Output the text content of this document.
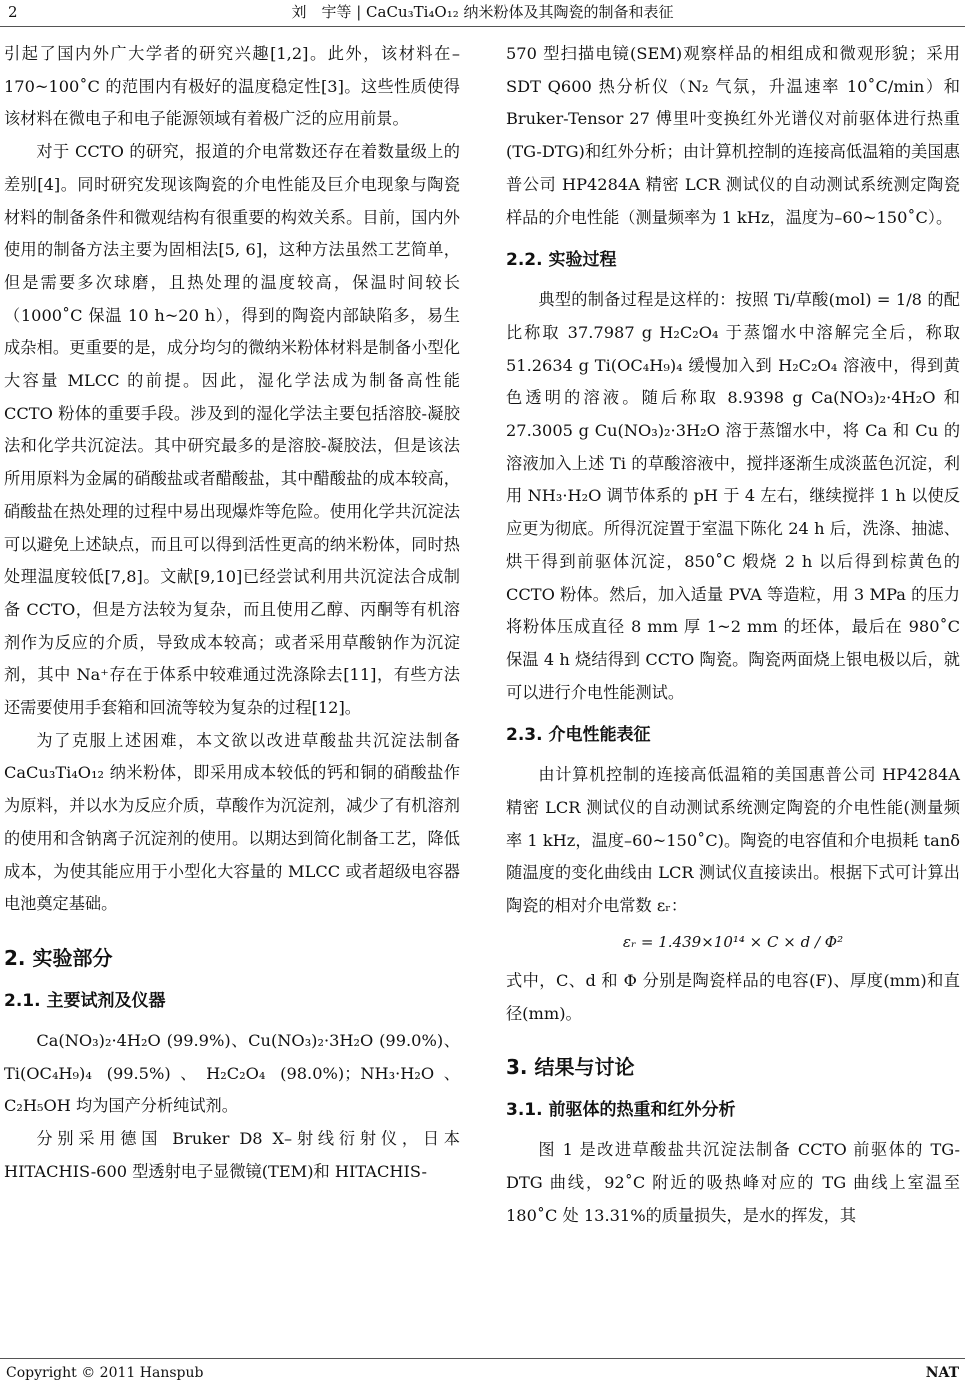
2	刘　宇等 | CaCu₃Ti₄O₁₂ 纳米粉体及其陶瓷的制备和表征

引起了国内外广大学者的研究兴趣[1,2]。此外，该材料在–170~100˚C 的范围内有极好的温度稳定性[3]。这些性质使得该材料在微电子和电子能源领域有着极广泛的应用前景。

对于 CCTO 的研究，报道的介电常数还存在着数量级上的差别[4]。同时研究发现该陶瓷的介电性能及巨介电现象与陶瓷材料的制备条件和微观结构有很重要的构效关系。目前，国内外使用的制备方法主要为固相法[5, 6]，这种方法虽然工艺简单，但是需要多次球磨，且热处理的温度较高，保温时间较长（1000˚C 保温 10 h~20 h），得到的陶瓷内部缺陷多，易生成杂相。更重要的是，成分均匀的微纳米粉体材料是制备小型化大容量 MLCC 的前提。因此，湿化学法成为制备高性能 CCTO 粉体的重要手段。涉及到的湿化学法主要包括溶胶-凝胶法和化学共沉淀法。其中研究最多的是溶胶-凝胶法，但是该法所用原料为金属的硝酸盐或者醋酸盐，其中醋酸盐的成本较高，硝酸盐在热处理的过程中易出现爆炸等危险。使用化学共沉淀法可以避免上述缺点，而且可以得到活性更高的纳米粉体，同时热处理温度较低[7,8]。文献[9,10]已经尝试利用共沉淀法合成制备 CCTO，但是方法较为复杂，而且使用乙醇、丙酮等有机溶剂作为反应的介质，导致成本较高；或者采用草酸钠作为沉淀剂，其中 Na⁺存在于体系中较难通过洗涤除去[11]，有些方法还需要使用手套箱和回流等较为复杂的过程[12]。

为了克服上述困难，本文欲以改进草酸盐共沉淀法制备 CaCu₃Ti₄O₁₂ 纳米粉体，即采用成本较低的钙和铜的硝酸盐作为原料，并以水为反应介质，草酸作为沉淀剂，减少了有机溶剂的使用和含钠离子沉淀剂的使用。以期达到简化制备工艺，降低成本，为使其能应用于小型化大容量的 MLCC 或者超级电容器电池奠定基础。

2. 实验部分
2.1. 主要试剂及仪器

Ca(NO₃)₂·4H₂O (99.9%)、Cu(NO₃)₂·3H₂O (99.0%)、Ti(OC₄H₉)₄ (99.5%)、H₂C₂O₄ (98.0%)；NH₃·H₂O、C₂H₅OH 均为国产分析纯试剂。

分别采用德国 Bruker D8 X–射线衍射仪，日本 HITACHIS-600 型透射电子显微镜(TEM)和 HITACHIS-

570 型扫描电镜(SEM)观察样品的相组成和微观形貌；采用 SDT Q600 热分析仪（N₂ 气氛，升温速率 10˚C/min）和 Bruker-Tensor 27 傅里叶变换红外光谱仪对前驱体进行热重(TG-DTG)和红外分析；由计算机控制的连接高低温箱的美国惠普公司 HP4284A 精密 LCR 测试仪的自动测试系统测定陶瓷样品的介电性能（测量频率为 1 kHz，温度为–60~150˚C）。

2.2. 实验过程

典型的制备过程是这样的：按照 Ti/草酸(mol) = 1/8 的配比称取 37.7987 g H₂C₂O₄ 于蒸馏水中溶解完全后，称取 51.2634 g Ti(OC₄H₉)₄ 缓慢加入到 H₂C₂O₄ 溶液中，得到黄色透明的溶液。随后称取 8.9398 g Ca(NO₃)₂·4H₂O 和 27.3005 g Cu(NO₃)₂·3H₂O 溶于蒸馏水中，将 Ca 和 Cu 的溶液加入上述 Ti 的草酸溶液中，搅拌逐渐生成淡蓝色沉淀，利用 NH₃·H₂O 调节体系的 pH 于 4 左右，继续搅拌 1 h 以使反应更为彻底。所得沉淀置于室温下陈化 24 h 后，洗涤、抽滤、烘干得到前驱体沉淀，850˚C 煅烧 2 h 以后得到棕黄色的 CCTO 粉体。然后，加入适量 PVA 等造粒，用 3 MPa 的压力将粉体压成直径 8 mm 厚 1~2 mm 的坯体，最后在 980˚C 保温 4 h 烧结得到 CCTO 陶瓷。陶瓷两面烧上银电极以后，就可以进行介电性能测试。

2.3. 介电性能表征

由计算机控制的连接高低温箱的美国惠普公司 HP4284A 精密 LCR 测试仪的自动测试系统测定陶瓷的介电性能(测量频率 1 kHz，温度–60~150˚C)。陶瓷的电容值和介电损耗 tanδ 随温度的变化曲线由 LCR 测试仪直接读出。根据下式可计算出陶瓷的相对介电常数 εᵣ：

εᵣ = 1.439×10¹⁴ × C × d ∕ Φ²

式中，C、d 和 Φ 分别是陶瓷样品的电容(F)、厚度(mm)和直径(mm)。

3. 结果与讨论
3.1. 前驱体的热重和红外分析

图 1 是改进草酸盐共沉淀法制备 CCTO 前驱体的 TG-DTG 曲线，92˚C 附近的吸热峰对应的 TG 曲线上室温至 180˚C 处 13.31%的质量损失，是水的挥发，其

Copyright © 2011 Hanspub	NAT
